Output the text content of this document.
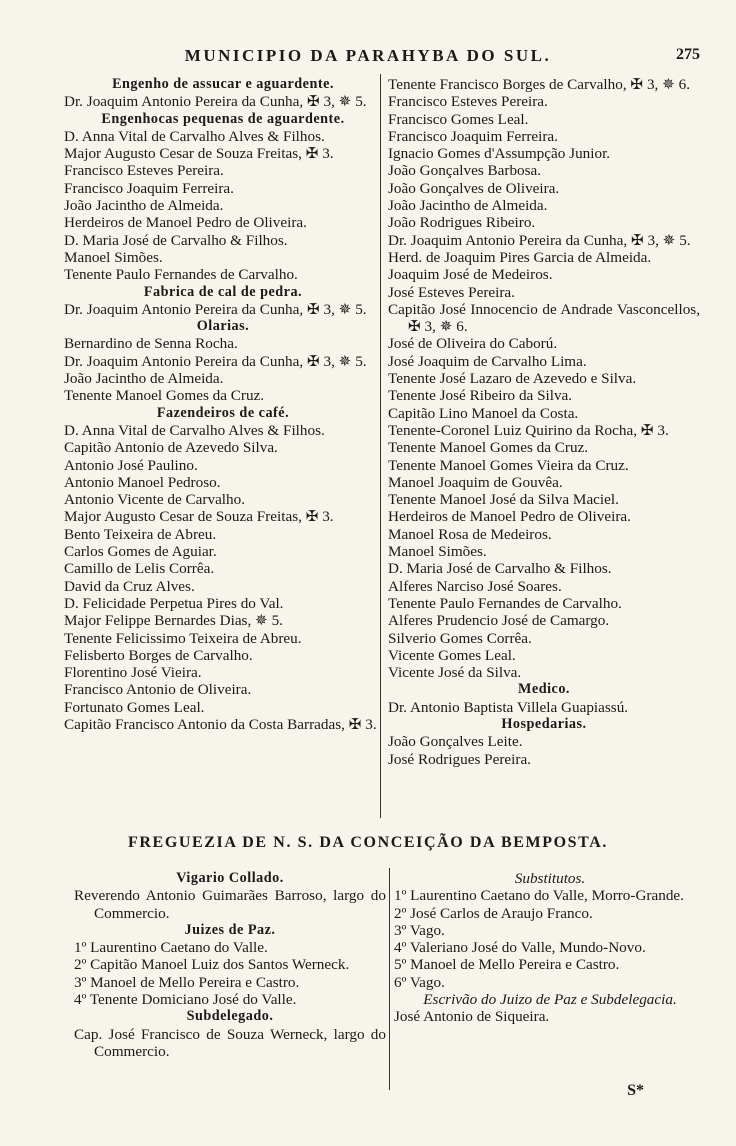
MUNICIPIO DA PARAHYBA DO SUL.	275
Engenho de assucar e aguardente.
Dr. Joaquim Antonio Pereira da Cunha, ✠ 3, ✵ 5.
Engenhocas pequenas de aguardente.
D. Anna Vital de Carvalho Alves & Filhos.
Major Augusto Cesar de Souza Freitas, ✠ 3.
Francisco Esteves Pereira.
Francisco Joaquim Ferreira.
João Jacintho de Almeida.
Herdeiros de Manoel Pedro de Oliveira.
D. Maria José de Carvalho & Filhos.
Manoel Simões.
Tenente Paulo Fernandes de Carvalho.
Fabrica de cal de pedra.
Dr. Joaquim Antonio Pereira da Cunha, ✠ 3, ✵ 5.
Olarias.
Bernardino de Senna Rocha.
Dr. Joaquim Antonio Pereira da Cunha, ✠ 3, ✵ 5.
João Jacintho de Almeida.
Tenente Manoel Gomes da Cruz.
Fazendeiros de café.
D. Anna Vital de Carvalho Alves & Filhos.
Capitão Antonio de Azevedo Silva.
Antonio José Paulino.
Antonio Manoel Pedroso.
Antonio Vicente de Carvalho.
Major Augusto Cesar de Souza Freitas, ✠ 3.
Bento Teixeira de Abreu.
Carlos Gomes de Aguiar.
Camillo de Lelis Corrêa.
David da Cruz Alves.
D. Felicidade Perpetua Pires do Val.
Major Felippe Bernardes Dias, ✵ 5.
Tenente Felicissimo Teixeira de Abreu.
Felisberto Borges de Carvalho.
Florentino José Vieira.
Francisco Antonio de Oliveira.
Fortunato Gomes Leal.
Capitão Francisco Antonio da Costa Barradas, ✠ 3.
Tenente Francisco Borges de Carvalho, ✠ 3, ✵ 6.
Francisco Esteves Pereira.
Francisco Gomes Leal.
Francisco Joaquim Ferreira.
Ignacio Gomes d'Assumpção Junior.
João Gonçalves Barbosa.
João Gonçalves de Oliveira.
João Jacintho de Almeida.
João Rodrigues Ribeiro.
Dr. Joaquim Antonio Pereira da Cunha, ✠ 3, ✵ 5.
Herd. de Joaquim Pires Garcia de Almeida.
Joaquim José de Medeiros.
José Esteves Pereira.
Capitão José Innocencio de Andrade Vasconcellos, ✠ 3, ✵ 6.
José de Oliveira do Caború.
José Joaquim de Carvalho Lima.
Tenente José Lazaro de Azevedo e Silva.
Tenente José Ribeiro da Silva.
Capitão Lino Manoel da Costa.
Tenente-Coronel Luiz Quirino da Rocha, ✠ 3.
Tenente Manoel Gomes da Cruz.
Tenente Manoel Gomes Vieira da Cruz.
Manoel Joaquim de Gouvêa.
Tenente Manoel José da Silva Maciel.
Herdeiros de Manoel Pedro de Oliveira.
Manoel Rosa de Medeiros.
Manoel Simões.
D. Maria José de Carvalho & Filhos.
Alferes Narciso José Soares.
Tenente Paulo Fernandes de Carvalho.
Alferes Prudencio José de Camargo.
Silverio Gomes Corrêa.
Vicente Gomes Leal.
Vicente José da Silva.
Medico.
Dr. Antonio Baptista Villela Guapiassú.
Hospedarias.
João Gonçalves Leite.
José Rodrigues Pereira.
FREGUEZIA DE N. S. DA CONCEIÇÃO DA BEMPOSTA.
Vigario Collado.
Reverendo Antonio Guimarães Barroso, largo do Commercio.
Juizes de Paz.
1º Laurentino Caetano do Valle.
2º Capitão Manoel Luiz dos Santos Werneck.
3º Manoel de Mello Pereira e Castro.
4º Tenente Domiciano José do Valle.
Subdelegado.
Cap. José Francisco de Souza Werneck, largo do Commercio.
Substitutos.
1º Laurentino Caetano do Valle, Morro-Grande.
2º José Carlos de Araujo Franco.
3º Vago.
4º Valeriano José do Valle, Mundo-Novo.
5º Manoel de Mello Pereira e Castro.
6º Vago.
Escrivão do Juizo de Paz e Subdelegacia.
José Antonio de Siqueira.
S*
